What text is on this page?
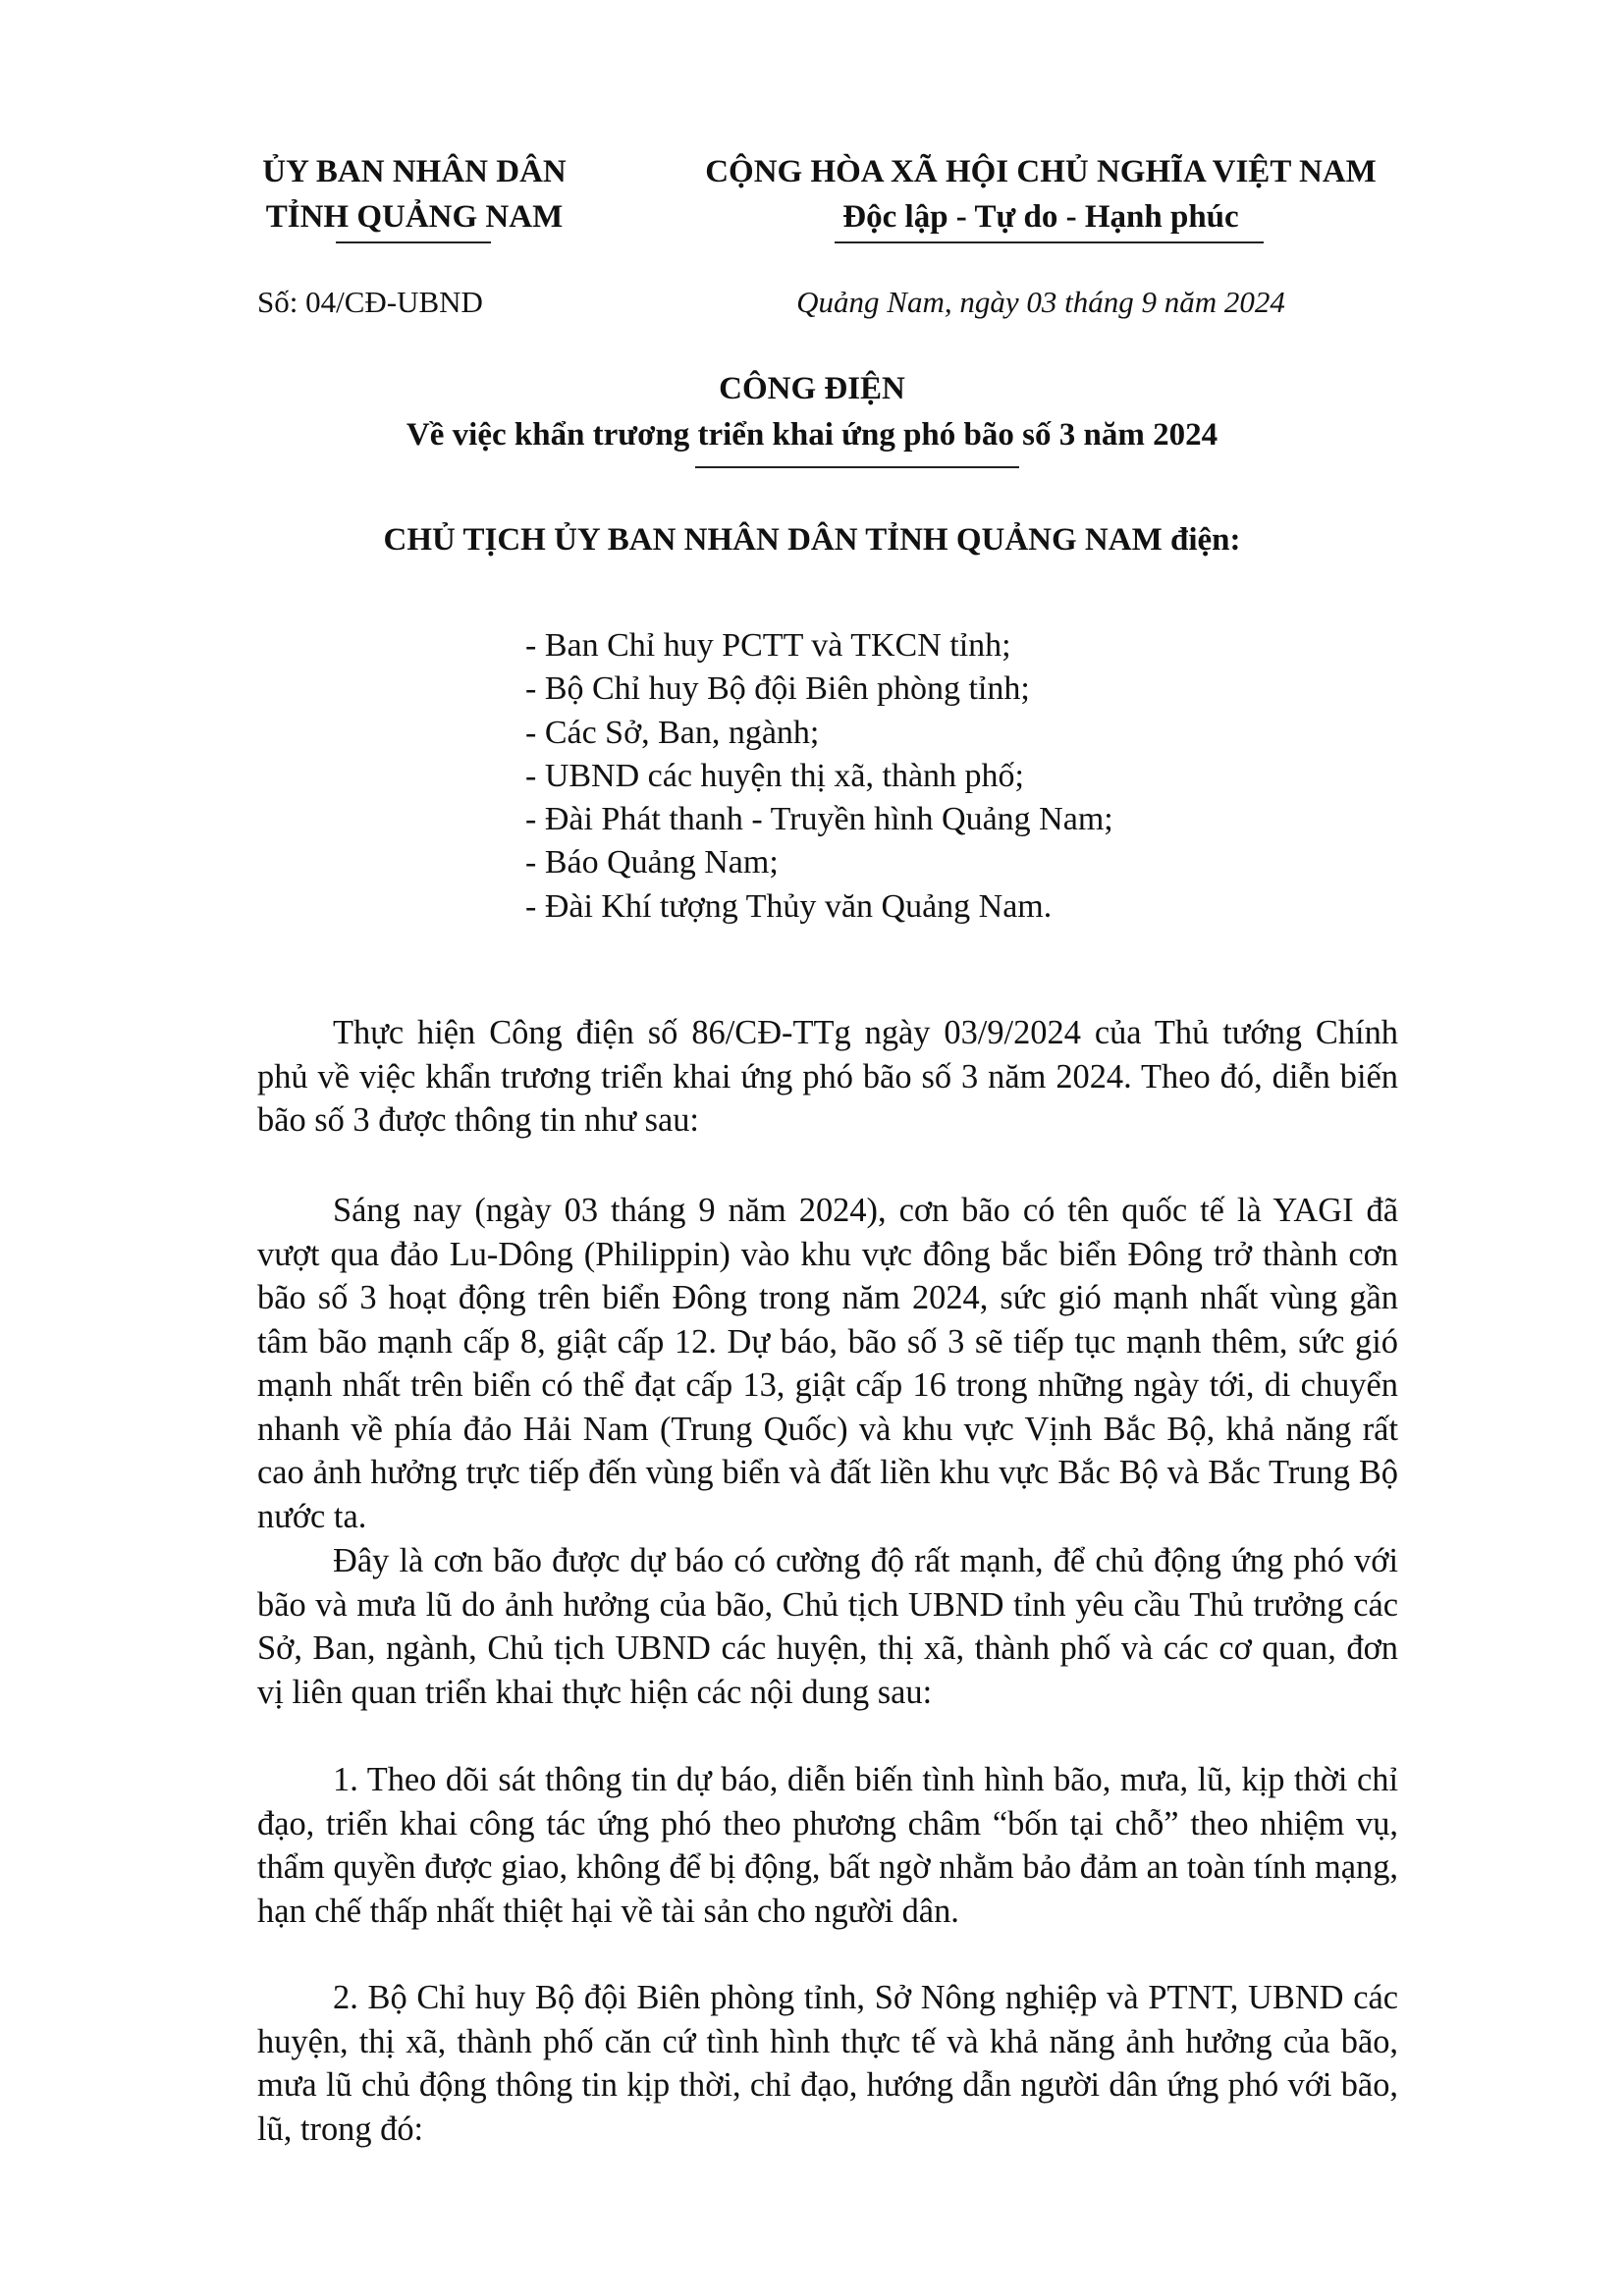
ỦY BAN NHÂN DÂN
TỈNH QUẢNG NAM
CỘNG HÒA XÃ HỘI CHỦ NGHĨA VIỆT NAM
Độc lập - Tự do - Hạnh phúc
Số: 04/CĐ-UBND	Quảng Nam, ngày 03 tháng 9 năm 2024
CÔNG ĐIỆN
Về việc khẩn trương triển khai ứng phó bão số 3 năm 2024
CHỦ TỊCH ỦY BAN NHÂN DÂN TỈNH QUẢNG NAM điện:
- Ban Chỉ huy PCTT và TKCN tỉnh;
- Bộ Chỉ huy Bộ đội Biên phòng tỉnh;
- Các Sở, Ban, ngành;
- UBND các huyện thị xã, thành phố;
- Đài Phát thanh - Truyền hình Quảng Nam;
- Báo Quảng Nam;
- Đài Khí tượng Thủy văn Quảng Nam.
Thực hiện Công điện số 86/CĐ-TTg ngày 03/9/2024 của Thủ tướng Chính phủ về việc khẩn trương triển khai ứng phó bão số 3 năm 2024. Theo đó, diễn biến bão số 3 được thông tin như sau:
Sáng nay (ngày 03 tháng 9 năm 2024), cơn bão có tên quốc tế là YAGI đã vượt qua đảo Lu-Dông (Philippin) vào khu vực đông bắc biển Đông trở thành cơn bão số 3 hoạt động trên biển Đông trong năm 2024, sức gió mạnh nhất vùng gần tâm bão mạnh cấp 8, giật cấp 12. Dự báo, bão số 3 sẽ tiếp tục mạnh thêm, sức gió mạnh nhất trên biển có thể đạt cấp 13, giật cấp 16 trong những ngày tới, di chuyển nhanh về phía đảo Hải Nam (Trung Quốc) và khu vực Vịnh Bắc Bộ, khả năng rất cao ảnh hưởng trực tiếp đến vùng biển và đất liền khu vực Bắc Bộ và Bắc Trung Bộ nước ta.
Đây là cơn bão được dự báo có cường độ rất mạnh, để chủ động ứng phó với bão và mưa lũ do ảnh hưởng của bão, Chủ tịch UBND tỉnh yêu cầu Thủ trưởng các Sở, Ban, ngành, Chủ tịch UBND các huyện, thị xã, thành phố và các cơ quan, đơn vị liên quan triển khai thực hiện các nội dung sau:
1. Theo dõi sát thông tin dự báo, diễn biến tình hình bão, mưa, lũ, kịp thời chỉ đạo, triển khai công tác ứng phó theo phương châm “bốn tại chỗ” theo nhiệm vụ, thẩm quyền được giao, không để bị động, bất ngờ nhằm bảo đảm an toàn tính mạng, hạn chế thấp nhất thiệt hại về tài sản cho người dân.
2. Bộ Chỉ huy Bộ đội Biên phòng tỉnh, Sở Nông nghiệp và PTNT, UBND các huyện, thị xã, thành phố căn cứ tình hình thực tế và khả năng ảnh hưởng của bão, mưa lũ chủ động thông tin kịp thời, chỉ đạo, hướng dẫn người dân ứng phó với bão, lũ, trong đó:
